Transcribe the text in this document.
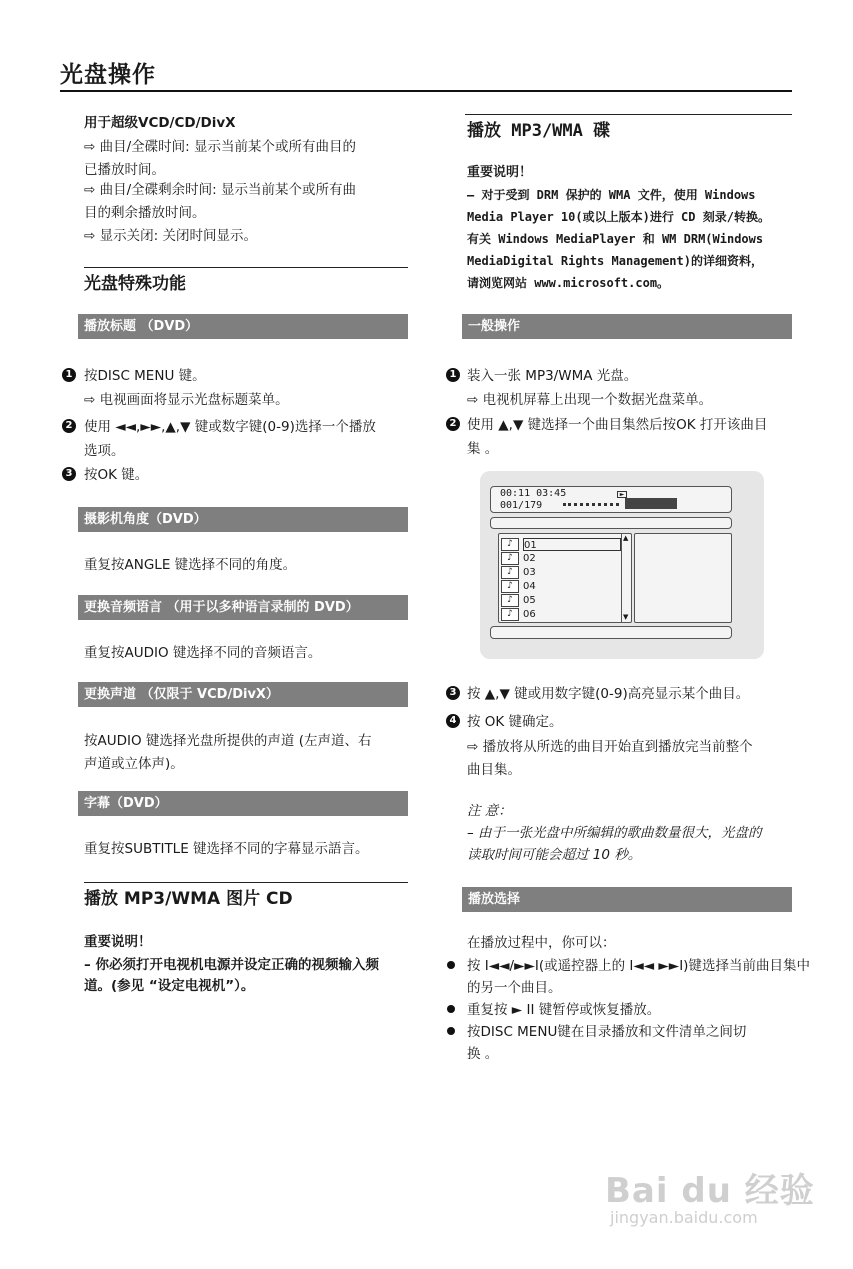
光盘操作
用于超级VCD/CD/DivX
⇨ 曲目/全碟时间: 显示当前某个或所有曲目的
已播放时间。
⇨ 曲目/全碟剩余时间: 显示当前某个或所有曲
目的剩余播放时间。
⇨ 显示关闭: 关闭时间显示。
光盘特殊功能
播放标题 （DVD）
1 按DISC MENU 键。
⇨ 电视画面将显示光盘标题菜单。
2 使用 ◄◄,►►,▲,▼ 键或数字键(0-9)选择一个播放
选项。
3 按OK 键。
摄影机角度（DVD）
重复按ANGLE 键选择不同的角度。
更换音频语言 （用于以多种语言录制的 DVD）
重复按AUDIO 键选择不同的音频语言。
更换声道 （仅限于 VCD/DivX）
按AUDIO 键选择光盘所提供的声道 (左声道、右
声道或立体声)。
字幕（DVD）
重复按SUBTITLE 键选择不同的字幕显示語言。
播放 MP3/WMA 图片 CD
重要说明！
– 你必须打开电视机电源并设定正确的视频输入频
道。(参见 “设定电视机”）。
播放 MP3/WMA 碟
重要说明！
– 对于受到 DRM 保护的 WMA 文件，使用 Windows
Media Player 10(或以上版本)进行 CD 刻录/转换。
有关 Windows MediaPlayer 和 WM DRM(Windows
MediaDigital Rights Management)的详细资料，
请浏览网站 www.microsoft.com。
一般操作
1 装入一张 MP3/WMA 光盘。
⇨ 电视机屏幕上出现一个数据光盘菜单。
2 使用 ▲,▼ 键选择一个曲目集然后按OK 打开该曲目
集 。
00:11 03:45
001/179
►
♪	01
♪	02
♪	03
♪	04
♪	05
♪	06
▲
▼
3 按 ▲,▼ 键或用数字键(0-9)高亮显示某个曲目。
4 按 OK 键确定。
⇨ 播放将从所选的曲目开始直到播放完当前整个
曲目集。
注 意：
– 由于一张光盘中所编辑的歌曲数量很大，光盘的
读取时间可能会超过 10 秒。
播放选择
在播放过程中，你可以：
按 I◄◄/►►I(或遥控器上的 I◄◄ ►►I)键选择当前曲目集中
的另一个曲目。
重复按 ► II 键暂停或恢复播放。
按DISC MENU键在目录播放和文件清单之间切
换 。
Bai du 经验
jingyan.baidu.com
